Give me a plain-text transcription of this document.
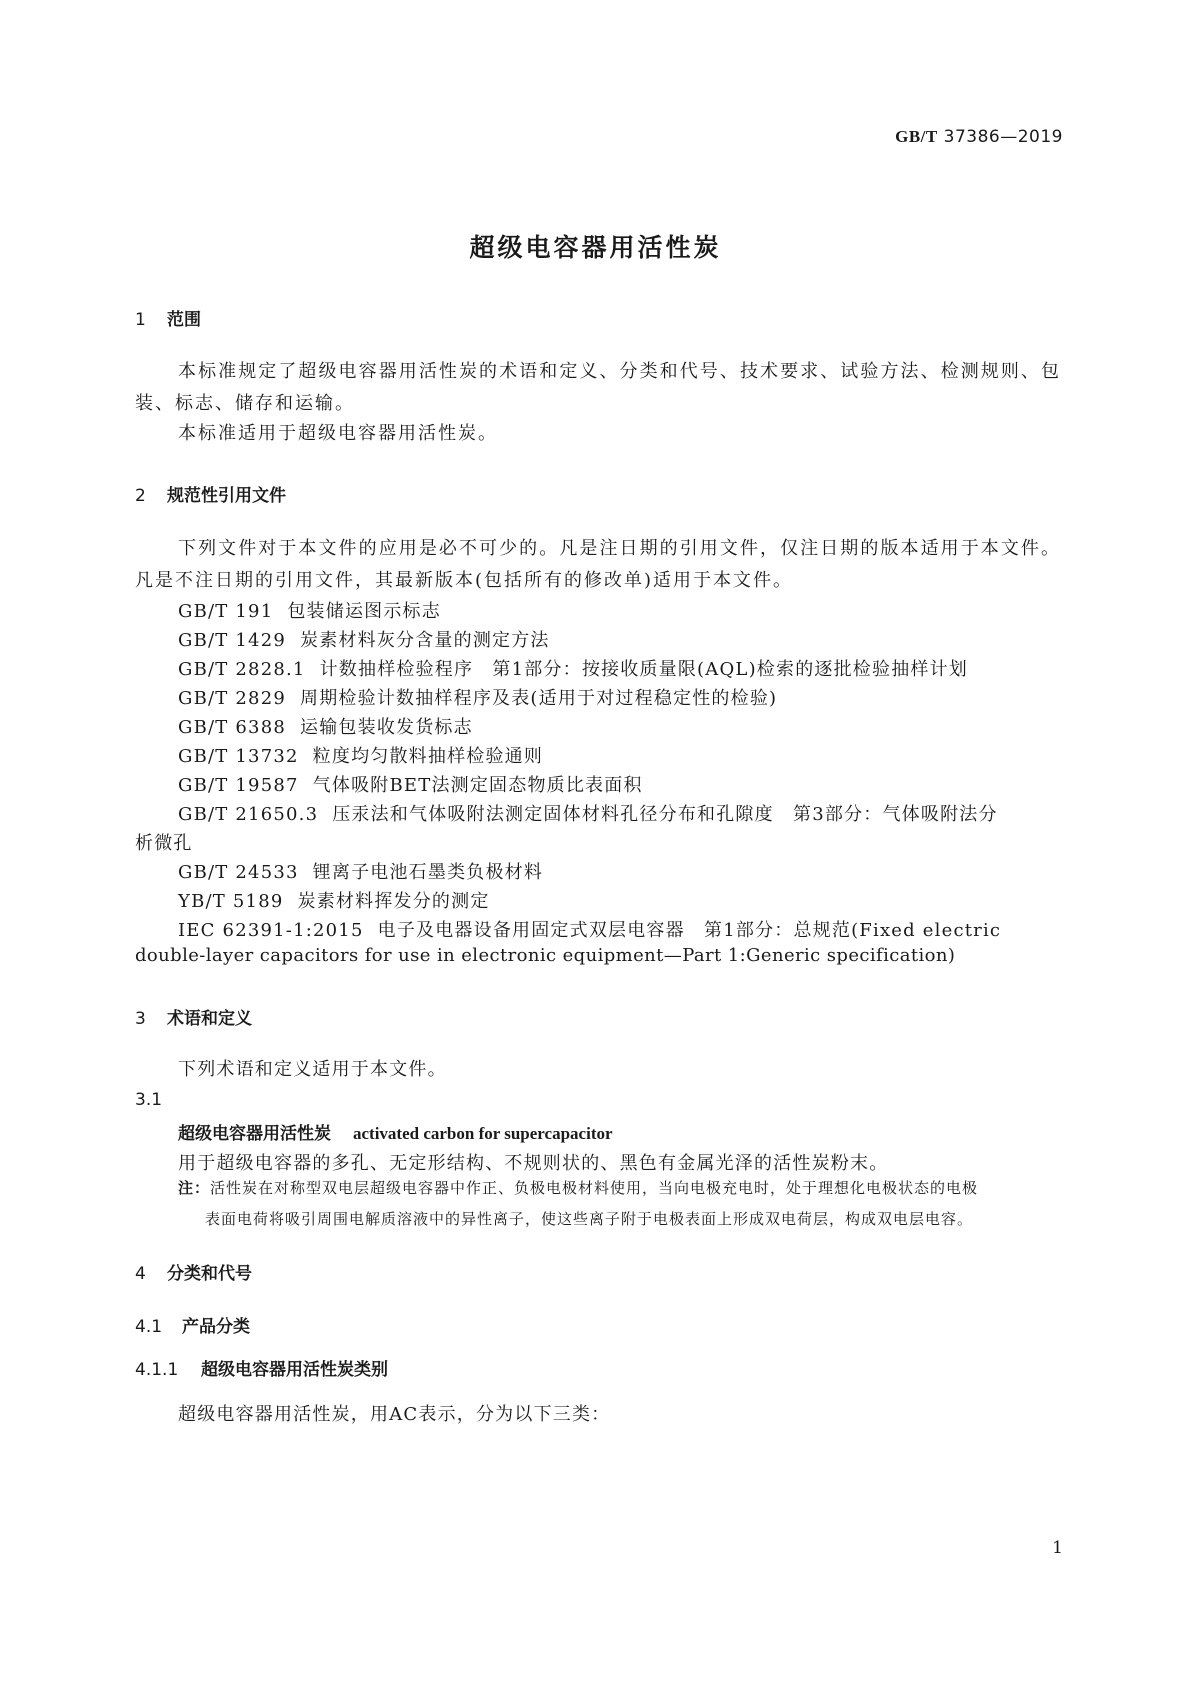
GB/T 37386—2019
超级电容器用活性炭
1 范围

本标准规定了超级电容器用活性炭的术语和定义、分类和代号、技术要求、试验方法、检测规则、包装、标志、储存和运输。

本标准适用于超级电容器用活性炭。

2 规范性引用文件

下列文件对于本文件的应用是必不可少的。凡是注日期的引用文件，仅注日期的版本适用于本文件。凡是不注日期的引用文件，其最新版本(包括所有的修改单)适用于本文件。

GB/T 191 包装储运图示标志

GB/T 1429 炭素材料灰分含量的测定方法

GB/T 2828.1 计数抽样检验程序　第1部分：按接收质量限(AQL)检索的逐批检验抽样计划

GB/T 2829 周期检验计数抽样程序及表(适用于对过程稳定性的检验)

GB/T 6388 运输包装收发货标志

GB/T 13732 粒度均匀散料抽样检验通则

GB/T 19587 气体吸附BET法测定固态物质比表面积

GB/T 21650.3 压汞法和气体吸附法测定固体材料孔径分布和孔隙度　第3部分：气体吸附法分

析微孔

GB/T 24533 锂离子电池石墨类负极材料

YB/T 5189 炭素材料挥发分的测定

IEC 62391-1:2015 电子及电器设备用固定式双层电容器　第1部分：总规范(Fixed electric

double-layer capacitors for use in electronic equipment—Part 1:Generic specification)

3 术语和定义

下列术语和定义适用于本文件。

3.1

超级电容器用活性炭 activated carbon for supercapacitor

用于超级电容器的多孔、无定形结构、不规则状的、黑色有金属光泽的活性炭粉末。

注：活性炭在对称型双电层超级电容器中作正、负极电极材料使用，当向电极充电时，处于理想化电极状态的电极
表面电荷将吸引周围电解质溶液中的异性离子，使这些离子附于电极表面上形成双电荷层，构成双电层电容。
4 分类和代号
4.1 产品分类
4.1.1 超级电容器用活性炭类别

超级电容器用活性炭，用AC表示，分为以下三类：

1
